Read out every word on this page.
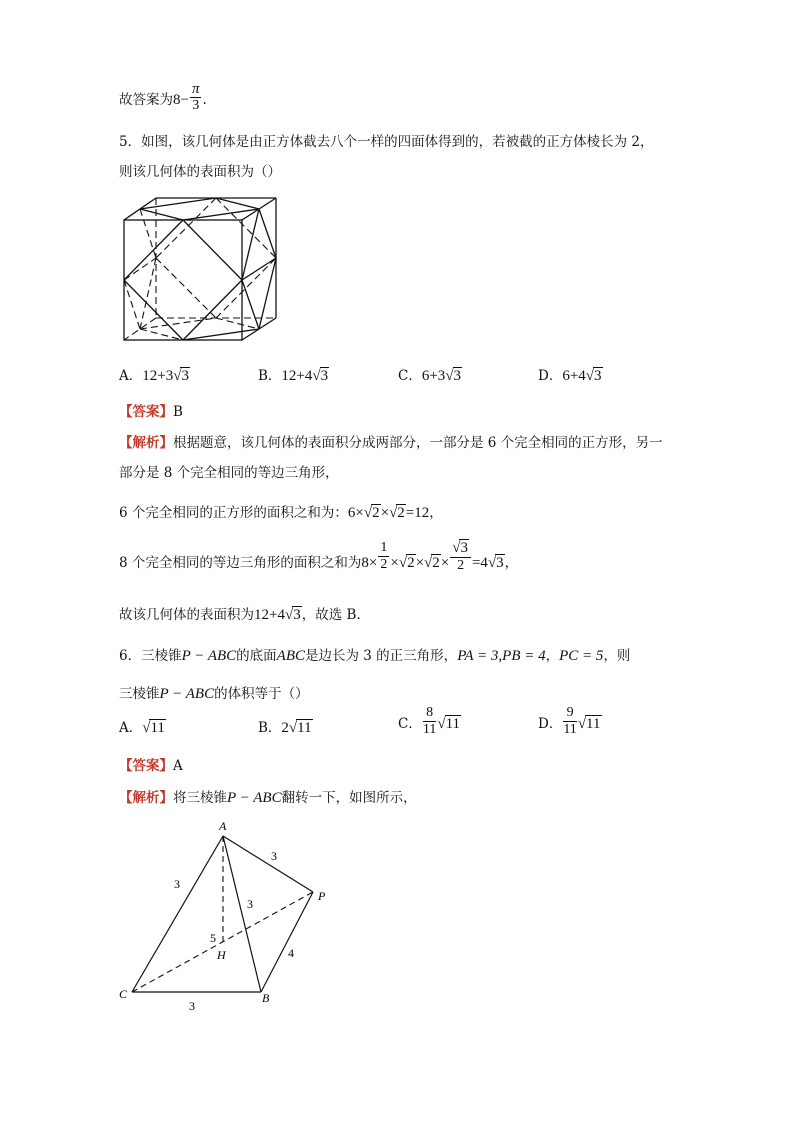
故答案为$8- \frac{\pi}{3}$ .
5．如图，该几何体是由正方体截去八个一样的四面体得到的，若被截的正方体棱长为 2，
则该几何体的表面积为（）
A．12+3√3	B．12+4√3	C．6+3√3	D．6+4√3
【答案】B
【解析】根据题意，该几何体的表面积分成两部分，一部分是 6 个完全相同的正方形，另一
部分是 8 个完全相同的等边三角形，
6 个完全相同的正方形的面积之和为：6×√2×√2=12，
8 个完全相同的等边三角形的面积之和为$8\times \frac{1}{2} \times√2\times√2\times \frac{√3}{2} =4√3$，
故该几何体的表面积为12+4√3，故选 B.
6．三棱锥P − ABC的底面ABC是边长为 3 的正三角形，PA = 3,PB = 4，PC = 5，则
三棱锥P − ABC的体积等于（）
A．√11	B．2√11	C． $\frac{8}{11} √11$	D． $\frac{9}{11} √11$
【答案】A
【解析】将三棱锥P − ABC翻转一下，如图所示，
A
P
C	B
H
3
3
3
5
4
3
